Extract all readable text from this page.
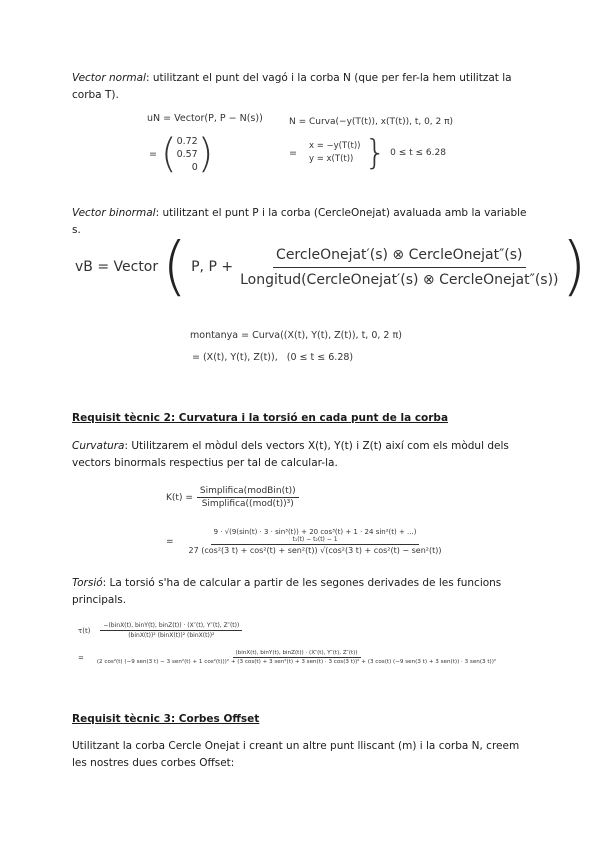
Vector normal: utilitzant el punt del vagó i la corba N (que per fer-la hem utilitzat la corba T).
uN = Vector(P, P − N(s))
= ( 0.72
0.57
0 )
N = Curva(−y(T(t)), x(T(t)), t, 0, 2 π)
=
x = −y(T(t))
y = x(T(t)) } 0 ≤ t ≤ 6.28
Vector binormal: utilitzant el punt P i la corba (CercleOnejat) avaluada amb la variable s.
vB = Vector ( P, $P + \frac{\text{CercleOnejat′(s) ⊗ CercleOnejat″(s)}}{\text{Longitud(CercleOnejat′(s) ⊗ CercleOnejat″(s))}}$ )
montanya = Curva((X(t), Y(t), Z(t)), t, 0, 2 π)
= (X(t), Y(t), Z(t)),   (0 ≤ t ≤ 6.28)
Requisit tècnic 2: Curvatura i la torsió en cada punt de la corba
Curvatura: Utilitzarem el mòdul dels vectors X(t), Y(t) i Z(t) així com els mòdul dels vectors binormals respectius per tal de calcular-la.
$K(t) = \frac{\text{Simplifica(modBin(t))}}{\text{Simplifica((mod(t))³)}}$
=
9 · √(9(sin(t) · 3 · sin³(t)) + 20 cos³(t) + 1 · 24 sin²(t) + ...)
t₁(t) − t₂(t) − 1
27 (cos²(3 t) + cos²(t) + sen²(t)) √(cos²(3 t) + cos²(t) − sen²(t))
Torsió: La torsió s'ha de calcular a partir de les segones derivades de les funcions principals.
$\tau(t) \frac{\text{−(binX(t), binY(t), binZ(t)) · (X″(t), Y″(t), Z″(t))}}{\text{(binX(t))² (binX(t))² (binX(t))²}}$
=
(binX(t), binY(t), binZ(t)) · (X″(t), Y″(t), Z″(t))
(2 cos²(t) (−9 sen(3 t) − 3 sen²(t) + 1 cos²(t)))² + (3 cos(t) + 3 sen²(t) + 3 sen(t) · 3 cos(3 t))² + (3 cos(t) (−9 sen(3 t) + 3 sen(t)) · 3 sen(3 t))²
Requisit tècnic 3: Corbes Offset
Utilitzant la corba Cercle Onejat i creant un altre punt lliscant (m) i la corba N, creem les nostres dues corbes Offset:
